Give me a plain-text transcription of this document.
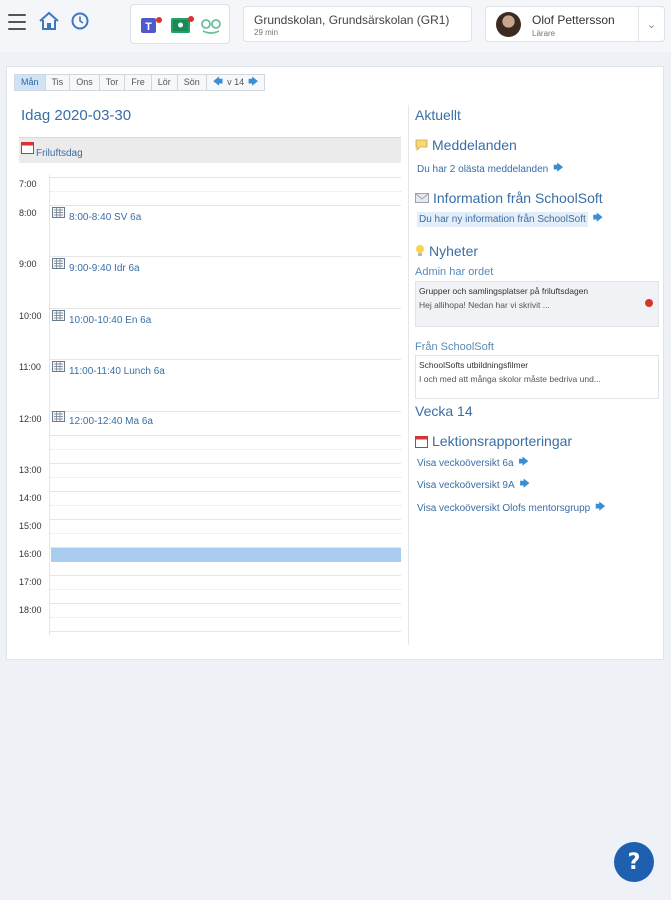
T	Grundskolan, Grundsärskolan (GR1)
29 min
Olof Pettersson
Lärare
⌄
Mån	Tis	Ons	Tor	Fre	Lör	Sön	🡄 v 14 🡆
Idag 2020-03-30
Friluftsdag
7:00
8:00
9:00
10:00
11:00
12:00
13:00
14:00
15:00
16:00
17:00
18:00
8:00-8:40 SV 6a
9:00-9:40 Idr 6a
10:00-10:40 En 6a
11:00-11:40 Lunch 6a
12:00-12:40 Ma 6a
Aktuellt
Meddelanden
Du har 2 olästa meddelanden 🡆
Information från SchoolSoft
Du har ny information från SchoolSoft 🡆
Nyheter
Admin har ordet
Grupper och samlingsplatser på friluftsdagen
Hej allihopa! Nedan har vi skrivit ...
Från SchoolSoft
SchoolSofts utbildningsfilmer
I och med att många skolor måste bedriva und...
Vecka 14
Lektionsrapporteringar
Visa veckoöversikt 6a 🡆
Visa veckoöversikt 9A 🡆
Visa veckoöversikt Olofs mentorsgrupp 🡆
?
